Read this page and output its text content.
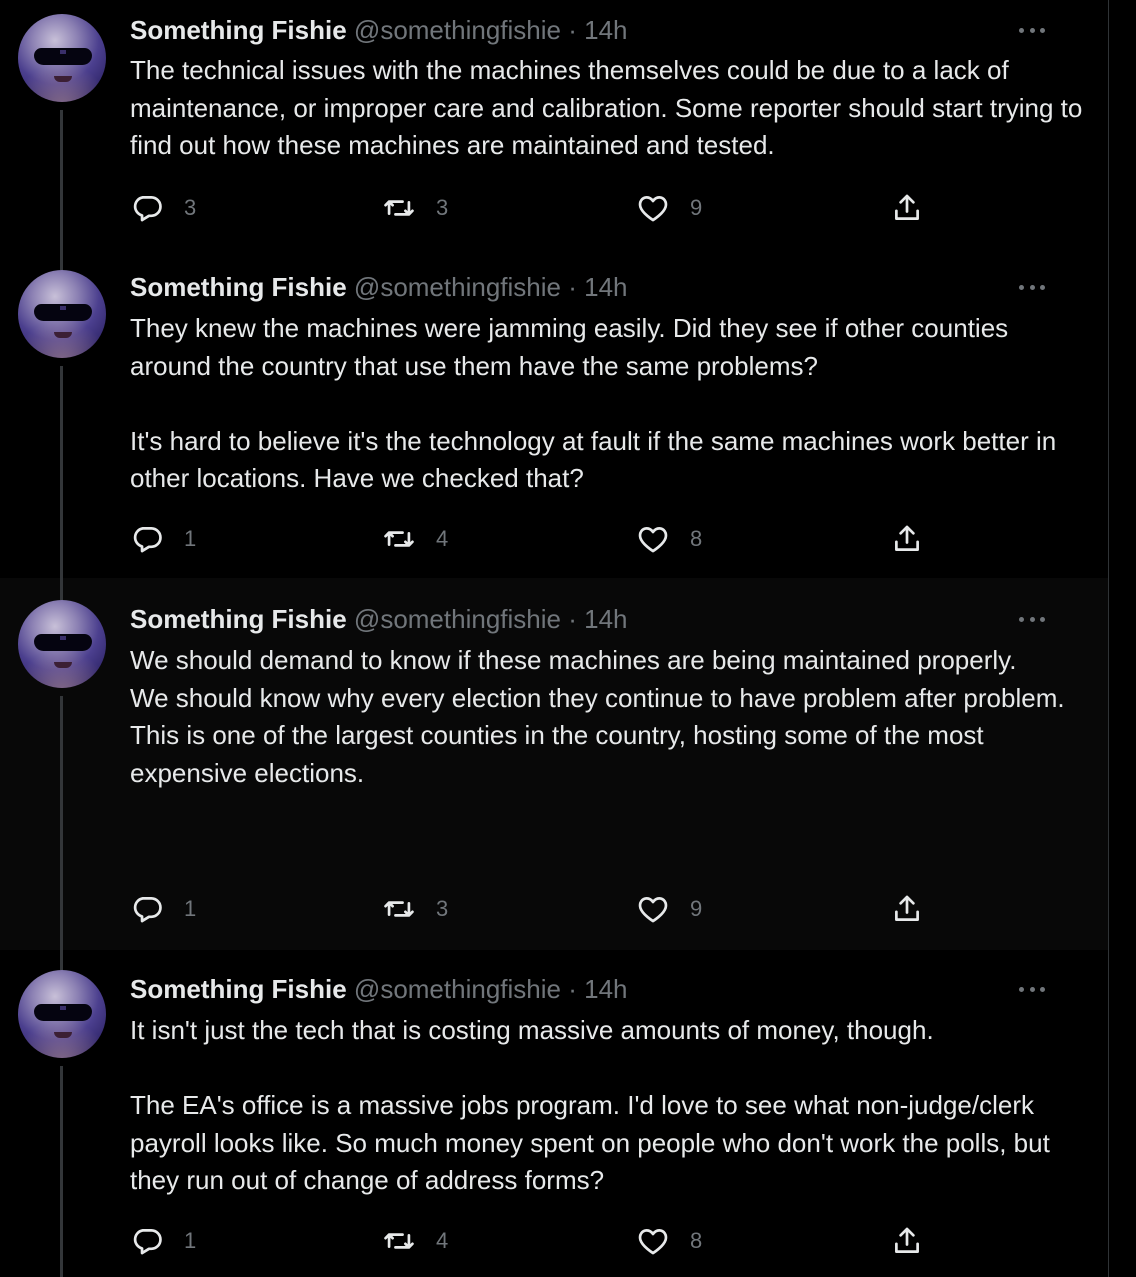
Something Fishie @somethingfishie · 14h
The technical issues with the machines themselves could be due to a lack of maintenance, or improper care and calibration. Some reporter should start trying to find out how these machines are maintained and tested.
3	3	9
Something Fishie @somethingfishie · 14h
They knew the machines were jamming easily. Did they see if other counties around the country that use them have the same problems?
It's hard to believe it's the technology at fault if the same machines work better in other locations. Have we checked that?
1	4	8
Something Fishie @somethingfishie · 14h
We should demand to know if these machines are being maintained properly.
We should know why every election they continue to have problem after problem.
This is one of the largest counties in the country, hosting some of the most expensive elections.
1	3	9
Something Fishie @somethingfishie · 14h
It isn't just the tech that is costing massive amounts of money, though.
The EA's office is a massive jobs program. I'd love to see what non-judge/clerk payroll looks like. So much money spent on people who don't work the polls, but they run out of change of address forms?
1	4	8
